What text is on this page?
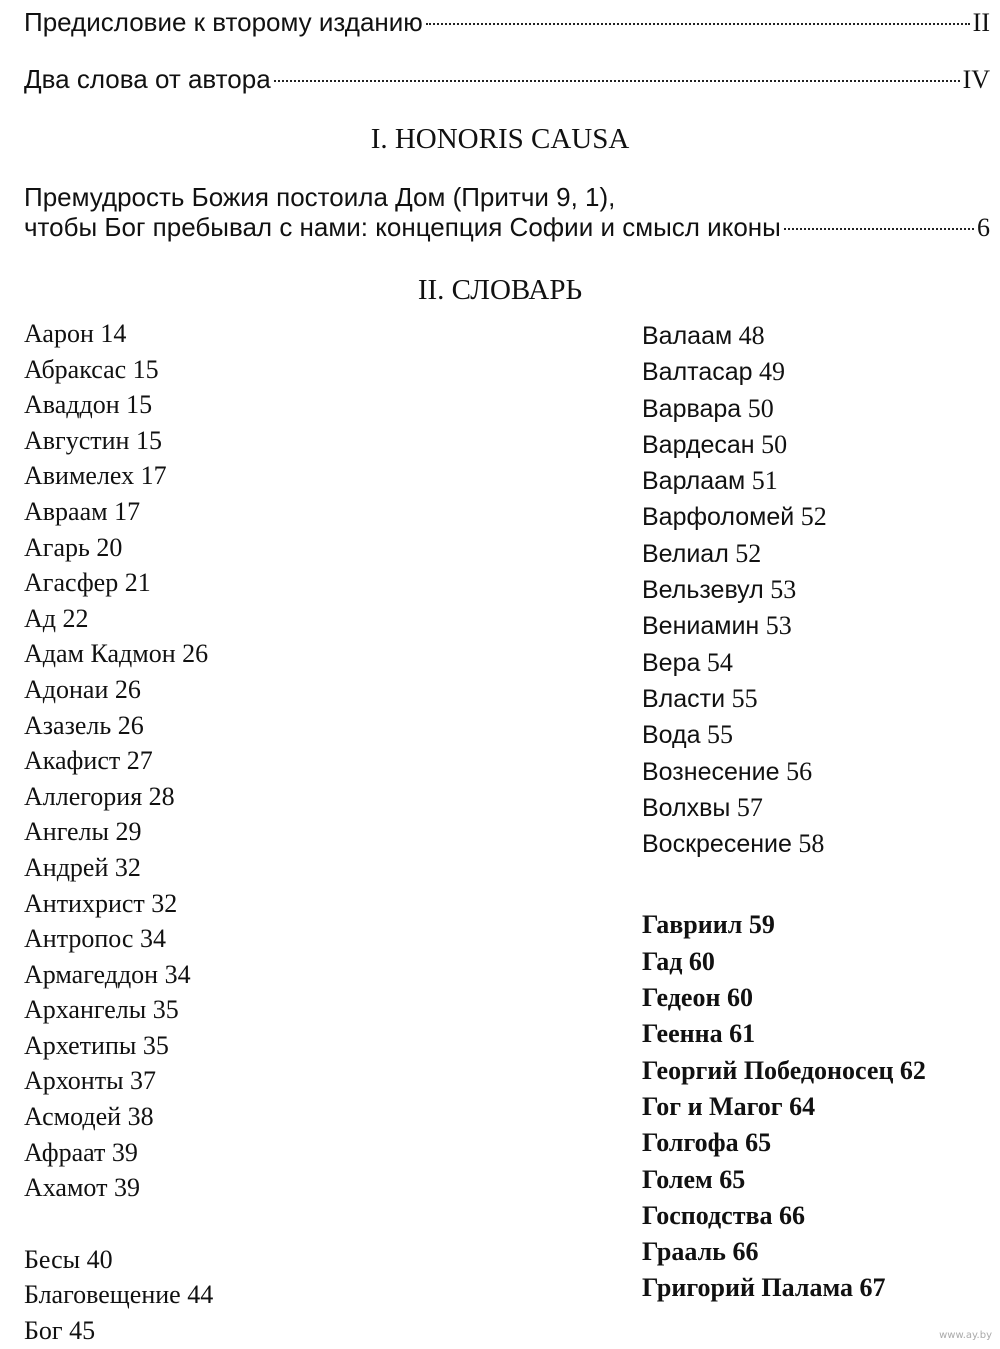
Предисловие к второму изданию	II
Два слова от автора	IV
I. HONORIS CAUSA
Премудрость Божия постоила Дом (Притчи 9, 1),
чтобы Бог пребывал с нами: концепция Софии и смысл иконы	6
II. СЛОВАРЬ
Аарон 14
Абраксас 15
Аваддон 15
Августин 15
Авимелех 17
Авраам 17
Агарь 20
Агасфер 21
Ад 22
Адам Кадмон 26
Адонаи 26
Азазель 26
Акафист 27
Аллегория 28
Ангелы 29
Андрей 32
Антихрист 32
Антропос 34
Армагеддон 34
Архангелы 35
Архетипы 35
Архонты 37
Асмодей 38
Афраат 39
Ахамот 39
Бесы 40
Благовещение 44
Бог 45
Валаам 48
Валтасар 49
Варвара 50
Вардесан 50
Варлаам 51
Варфоломей 52
Велиал 52
Вельзевул 53
Вениамин 53
Вера 54
Власти 55
Вода 55
Вознесение 56
Волхвы 57
Воскресение 58
Гавриил 59
Гад 60
Гедеон 60
Геенна 61
Георгий Победоносец 62
Гог и Магог 64
Голгофа 65
Голем 65
Господства 66
Грааль 66
Григорий Палама 67
www.ay.by
